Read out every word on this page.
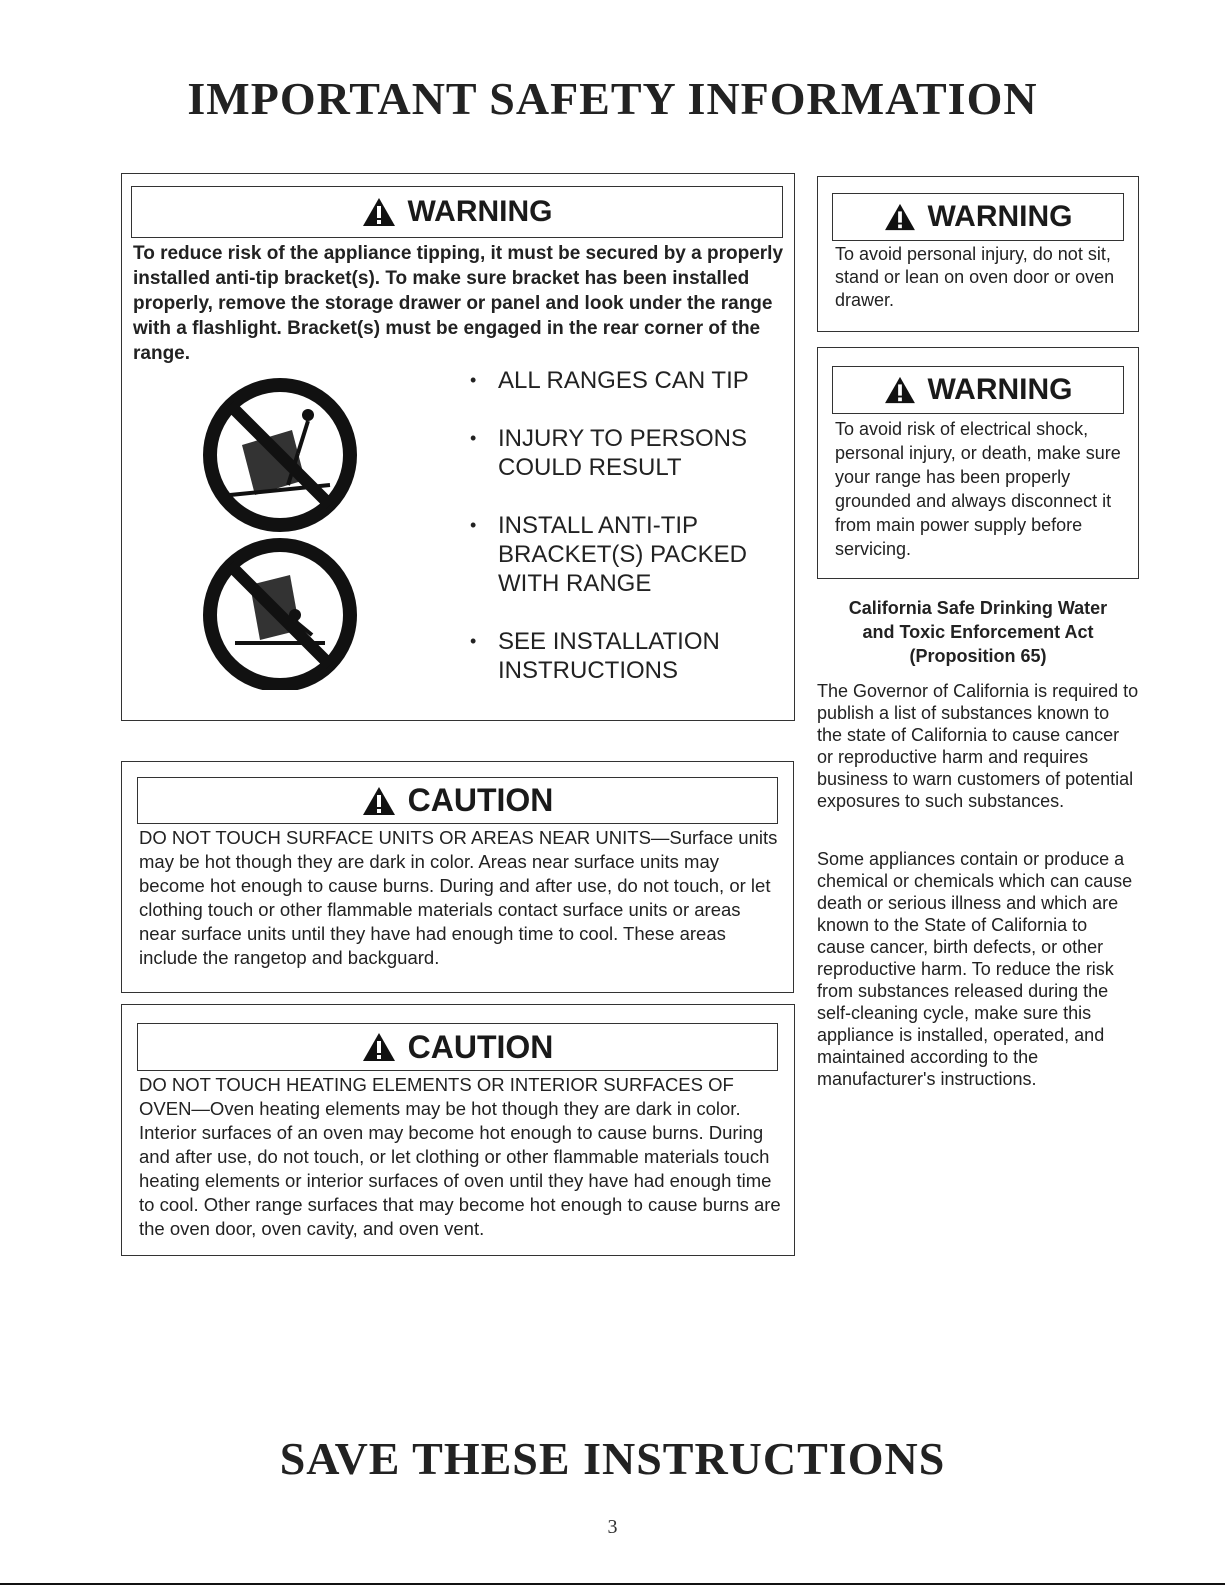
IMPORTANT SAFETY INFORMATION
WARNING
To reduce risk of the appliance tipping, it must be secured by a properly installed anti-tip bracket(s). To make sure bracket has been installed properly, remove the storage drawer or panel and look under the range with a flashlight. Bracket(s) must be engaged in the rear corner of the range.
• ALL RANGES CAN TIP
• INJURY TO PERSONS COULD RESULT
• INSTALL ANTI-TIP BRACKET(S) PACKED WITH RANGE
• SEE INSTALLATION INSTRUCTIONS
WARNING
To avoid personal injury, do not sit, stand or lean on oven door or oven drawer.
WARNING
To avoid risk of electrical shock, personal injury, or death, make sure your range has been properly grounded and always disconnect it from main power supply before servicing.
California Safe Drinking Water and Toxic Enforcement Act (Proposition 65)
The Governor of California is required to publish a list of substances known to the state of California to cause cancer or reproductive harm and requires business to warn customers of potential exposures to such substances.
Some appliances contain or produce a chemical or chemicals which can cause death or serious illness and which are known to the State of California to cause cancer, birth defects, or other reproductive harm. To reduce the risk from substances released during the self-cleaning cycle, make sure this appliance is installed, operated, and maintained according to the manufacturer's instructions.
CAUTION
DO NOT TOUCH SURFACE UNITS OR AREAS NEAR UNITS—Surface units may be hot though they are dark in color. Areas near surface units may become hot enough to cause burns. During and after use, do not touch, or let clothing touch or other flammable materials contact surface units or areas near surface units until they have had enough time to cool. These areas include the rangetop and backguard.
CAUTION
DO NOT TOUCH HEATING ELEMENTS OR INTERIOR SURFACES OF OVEN—Oven heating elements may be hot though they are dark in color. Interior surfaces of an oven may become hot enough to cause burns. During and after use, do not touch, or let clothing or other flammable materials touch heating elements or interior surfaces of oven until they have had enough time to cool. Other range surfaces that may become hot enough to cause burns are the oven door, oven cavity, and oven vent.
SAVE THESE INSTRUCTIONS
3
